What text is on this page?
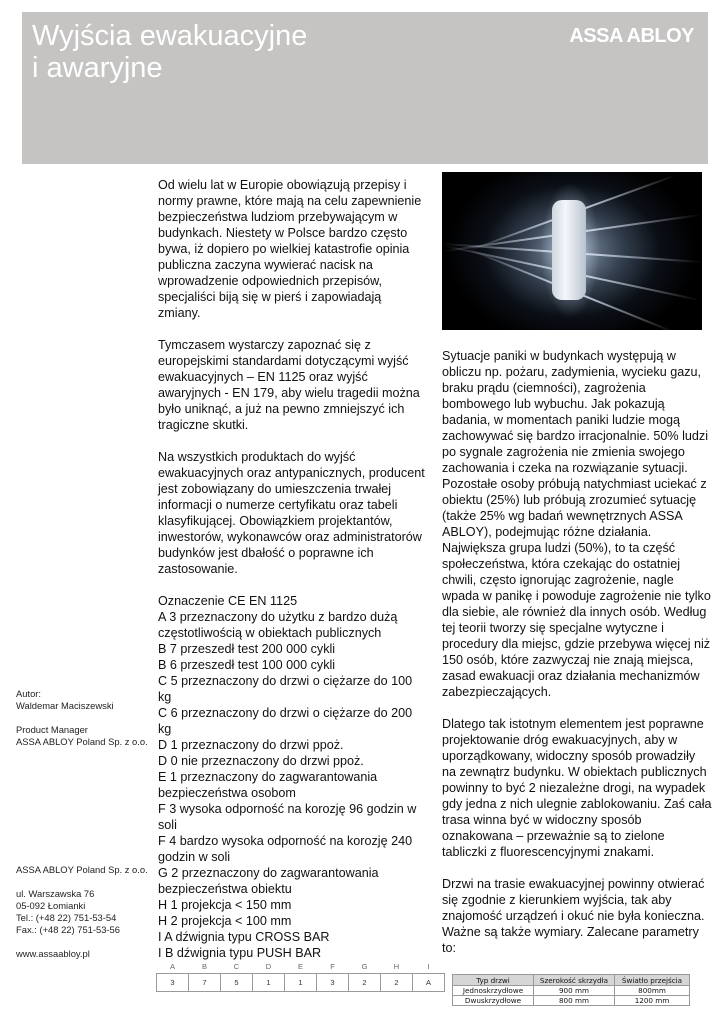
Wyjścia ewakuacyjne
i awaryjne
ASSA ABLOY
Autor:
Waldemar Maciszewski
Product Manager
ASSA ABLOY Poland Sp. z o.o.
ASSA ABLOY Poland Sp. z o.o.
ul. Warszawska 76
05-092 Łomianki
Tel.: (+48 22) 751-53-54
Fax.: (+48 22) 751-53-56
www.assaabloy.pl

Od wielu lat w Europie obowiązują przepisy i normy prawne, które mają na celu zapewnienie bezpieczeństwa ludziom przebywającym w budynkach. Niestety w Polsce bardzo często bywa, iż dopiero po wielkiej katastrofie opinia publiczna zaczyna wywierać nacisk na wprowadzenie odpowiednich przepisów, specjaliści biją się w pierś i zapowiadają zmiany.

Tymczasem wystarczy zapoznać się z europejskimi standardami dotyczącymi wyjść ewakuacyjnych – EN 1125 oraz wyjść awaryjnych - EN 179, aby wielu tragedii można było uniknąć, a już na pewno zmniejszyć ich tragiczne skutki.

Na wszystkich produktach do wyjść ewakuacyjnych oraz antypanicznych, producent jest zobowiązany do umieszczenia trwałej informacji o numerze certyfikatu oraz tabeli klasyfikującej. Obowiązkiem projektantów, inwestorów, wykonawców oraz administratorów budynków jest dbałość o poprawne ich zastosowanie.

Oznaczenie CE EN 1125
A 3 przeznaczony do użytku z bardzo dużą częstotliwością w obiektach publicznych
B 7 przeszedł test 200 000 cykli
B 6 przeszedł test 100 000 cykli
C 5 przeznaczony do drzwi o ciężarze do 100 kg
C 6 przeznaczony do drzwi o ciężarze do 200 kg
D 1 przeznaczony do drzwi ppoż.
D 0 nie przeznaczony do drzwi ppoż.
E 1 przeznaczony do zagwarantowania bezpieczeństwa osobom
F 3 wysoka odporność na korozję 96 godzin w soli
F 4 bardzo wysoka odporność na korozję 240 godzin w soli
G 2 przeznaczony do zagwarantowania bezpieczeństwa obiektu
H 1 projekcja < 150 mm
H 2 projekcja < 100 mm
I A dźwignia typu CROSS BAR
I B dźwignia typu PUSH BAR
A	B	C	D	E	F	G	H	I
3	7	5	1	1	3	2	2	A

Sytuacje paniki w budynkach występują w obliczu np. pożaru, zadymienia, wycieku gazu, braku prądu (ciemności), zagrożenia bombowego lub wybuchu. Jak pokazują badania, w momentach paniki ludzie mogą zachowywać się bardzo irracjonalnie. 50% ludzi po sygnale zagrożenia nie zmienia swojego zachowania i czeka na rozwiązanie sytuacji. Pozostałe osoby próbują natychmiast uciekać z obiektu (25%) lub próbują zrozumieć sytuację (także 25% wg badań wewnętrznych ASSA ABLOY), podejmując różne działania. Największa grupa ludzi (50%), to ta część społeczeństwa, która czekając do ostatniej chwili, często ignorując zagrożenie, nagle wpada w panikę i powoduje zagrożenie nie tylko dla siebie, ale również dla innych osób. Według tej teorii tworzy się specjalne wytyczne i procedury dla miejsc, gdzie przebywa więcej niż 150 osób, które zazwyczaj nie znają miejsca, zasad ewakuacji oraz działania mechanizmów zabezpieczających.

Dlatego tak istotnym elementem jest poprawne projektowanie dróg ewakuacyjnych, aby w uporządkowany, widoczny sposób prowadziły na zewnątrz budynku. W obiektach publicznych powinny to być 2 niezależne drogi, na wypadek gdy jedna z nich ulegnie zablokowaniu. Zaś cała trasa winna być w widoczny sposób oznakowana – przeważnie są to zielone tabliczki z fluorescencyjnymi znakami.

Drzwi na trasie ewakuacyjnej powinny otwierać się zgodnie z kierunkiem wyjścia, tak aby znajomość urządzeń i okuć nie była konieczna. Ważne są także wymiary. Zalecane parametry to:

Typ drzwi	Szerokość skrzydła	Światło przejścia
Jednoskrzydłowe	900 mm	800mm
Dwuskrzydłowe	800 mm	1200 mm
